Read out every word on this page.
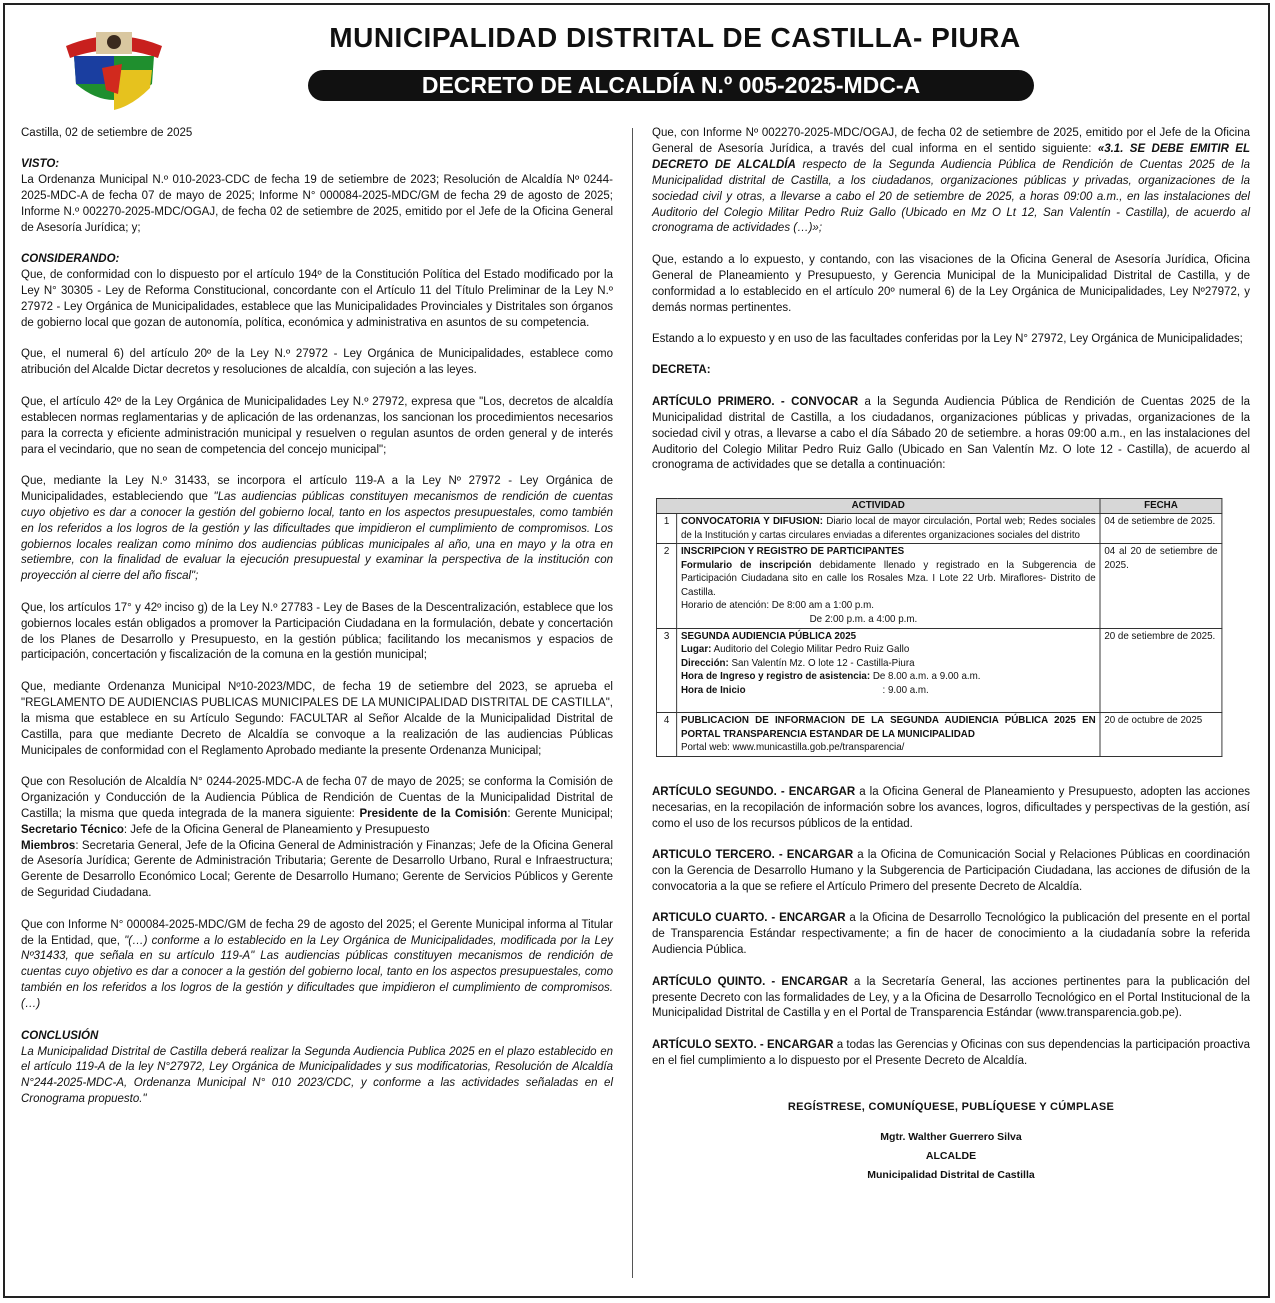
MUNICIPALIDAD DISTRITAL DE CASTILLA- PIURA
DECRETO DE ALCALDÍA N.º 005-2025-MDC-A

Castilla, 02 de setiembre de 2025

VISTO:
La Ordenanza Municipal N.º 010-2023-CDC de fecha 19 de setiembre de 2023; Resolución de Alcaldía Nº 0244-2025-MDC-A de fecha 07 de mayo de 2025; Informe N° 000084-2025-MDC/GM de fecha 29 de agosto de 2025; Informe N.º 002270-2025-MDC/OGAJ, de fecha 02 de setiembre de 2025, emitido por el Jefe de la Oficina General de Asesoría Jurídica; y;

CONSIDERANDO:
Que, de conformidad con lo dispuesto por el artículo 194º de la Constitución Política del Estado modificado por la Ley N° 30305 - Ley de Reforma Constitucional, concordante con el Artículo 11 del Título Preliminar de la Ley N.º 27972 - Ley Orgánica de Municipalidades, establece que las Municipalidades Provinciales y Distritales son órganos de gobierno local que gozan de autonomía, política, económica y administrativa en asuntos de su competencia.

Que, el numeral 6) del artículo 20º de la Ley N.º 27972 - Ley Orgánica de Municipalidades, establece como atribución del Alcalde Dictar decretos y resoluciones de alcaldía, con sujeción a las leyes.

Que, el artículo 42º de la Ley Orgánica de Municipalidades Ley N.º 27972, expresa que "Los, decretos de alcaldía establecen normas reglamentarias y de aplicación de las ordenanzas, los sancionan los procedimientos necesarios para la correcta y eficiente administración municipal y resuelven o regulan asuntos de orden general y de interés para el vecindario, que no sean de competencia del concejo municipal";

Que, mediante la Ley N.º 31433, se incorpora el artículo 119-A a la Ley Nº 27972 - Ley Orgánica de Municipalidades, estableciendo que "Las audiencias públicas constituyen mecanismos de rendición de cuentas cuyo objetivo es dar a conocer la gestión del gobierno local, tanto en los aspectos presupuestales, como también en los referidos a los logros de la gestión y las dificultades que impidieron el cumplimiento de compromisos. Los gobiernos locales realizan como mínimo dos audiencias públicas municipales al año, una en mayo y la otra en setiembre, con la finalidad de evaluar la ejecución presupuestal y examinar la perspectiva de la institución con proyección al cierre del año fiscal";

Que, los artículos 17° y 42º inciso g) de la Ley N.º 27783 - Ley de Bases de la Descentralización, establece que los gobiernos locales están obligados a promover la Participación Ciudadana en la formulación, debate y concertación de los Planes de Desarrollo y Presupuesto, en la gestión pública; facilitando los mecanismos y espacios de participación, concertación y fiscalización de la comuna en la gestión municipal;

Que, mediante Ordenanza Municipal Nº10-2023/MDC, de fecha 19 de setiembre del 2023, se aprueba el "REGLAMENTO DE AUDIENCIAS PUBLICAS MUNICIPALES DE LA MUNICIPALIDAD DISTRITAL DE CASTILLA", la misma que establece en su Artículo Segundo: FACULTAR al Señor Alcalde de la Municipalidad Distrital de Castilla, para que mediante Decreto de Alcaldía se convoque a la realización de las audiencias Públicas Municipales de conformidad con el Reglamento Aprobado mediante la presente Ordenanza Municipal;

Que con Resolución de Alcaldía N° 0244-2025-MDC-A de fecha 07 de mayo de 2025; se conforma la Comisión de Organización y Conducción de la Audiencia Pública de Rendición de Cuentas de la Municipalidad Distrital de Castilla; la misma que queda integrada de la manera siguiente: Presidente de la Comisión: Gerente Municipal; Secretario Técnico: Jefe de la Oficina General de Planeamiento y Presupuesto
Miembros: Secretaria General, Jefe de la Oficina General de Administración y Finanzas; Jefe de la Oficina General de Asesoría Jurídica; Gerente de Administración Tributaria; Gerente de Desarrollo Urbano, Rural e Infraestructura; Gerente de Desarrollo Económico Local; Gerente de Desarrollo Humano; Gerente de Servicios Públicos y Gerente de Seguridad Ciudadana.

Que con Informe N° 000084-2025-MDC/GM de fecha 29 de agosto del 2025; el Gerente Municipal informa al Titular de la Entidad, que, "(…) conforme a lo establecido en la Ley Orgánica de Municipalidades, modificada por la Ley Nº31433, que señala en su artículo 119-A" Las audiencias públicas constituyen mecanismos de rendición de cuentas cuyo objetivo es dar a conocer a la gestión del gobierno local, tanto en los aspectos presupuestales, como también en los referidos a los logros de la gestión y dificultades que impidieron el cumplimiento de compromisos. (…)

CONCLUSIÓN
La Municipalidad Distrital de Castilla deberá realizar la Segunda Audiencia Publica 2025 en el plazo establecido en el artículo 119-A de la ley N°27972, Ley Orgánica de Municipalidades y sus modificatorias, Resolución de Alcaldía N°244-2025-MDC-A, Ordenanza Municipal N° 010 2023/CDC, y conforme a las actividades señaladas en el Cronograma propuesto."

Que, con Informe Nº 002270-2025-MDC/OGAJ, de fecha 02 de setiembre de 2025, emitido por el Jefe de la Oficina General de Asesoría Jurídica, a través del cual informa en el sentido siguiente: «3.1. SE DEBE EMITIR EL DECRETO DE ALCALDÍA respecto de la Segunda Audiencia Pública de Rendición de Cuentas 2025 de la Municipalidad distrital de Castilla, a los ciudadanos, organizaciones públicas y privadas, organizaciones de la sociedad civil y otras, a llevarse a cabo el 20 de setiembre de 2025, a horas 09:00 a.m., en las instalaciones del Auditorio del Colegio Militar Pedro Ruiz Gallo (Ubicado en Mz O Lt 12, San Valentín - Castilla), de acuerdo al cronograma de actividades (…)»;

Que, estando a lo expuesto, y contando, con las visaciones de la Oficina General de Asesoría Jurídica, Oficina General de Planeamiento y Presupuesto, y Gerencia Municipal de la Municipalidad Distrital de Castilla, y de conformidad a lo establecido en el artículo 20º numeral 6) de la Ley Orgánica de Municipalidades, Ley Nº27972, y demás normas pertinentes.

Estando a lo expuesto y en uso de las facultades conferidas por la Ley N° 27972, Ley Orgánica de Municipalidades;

DECRETA:

ARTÍCULO PRIMERO. - CONVOCAR a la Segunda Audiencia Pública de Rendición de Cuentas 2025 de la Municipalidad distrital de Castilla, a los ciudadanos, organizaciones públicas y privadas, organizaciones de la sociedad civil y otras, a llevarse a cabo el día Sábado 20 de setiembre. a horas 09:00 a.m., en las instalaciones del Auditorio del Colegio Militar Pedro Ruiz Gallo (Ubicado en San Valentín Mz. O lote 12 - Castilla), de acuerdo al cronograma de actividades que se detalla a continuación:

ACTIVIDAD		FECHA
1	CONVOCATORIA Y DIFUSION: Diario local de mayor circulación, Portal web; Redes sociales de la Institución y cartas circulares enviadas a diferentes organizaciones sociales del distrito	04 de setiembre de 2025.
2	INSCRIPCION Y REGISTRO DE PARTICIPANTES
Formulario de inscripción debidamente llenado y registrado en la Subgerencia de Participación Ciudadana sito en calle los Rosales Mza. I Lote 22 Urb. Miraflores- Distrito de Castilla.
Horario de atención: De 8:00 am a 1:00 p.m.
De 2:00 p.m. a 4:00 p.m.	04 al 20 de setiembre de 2025.
3	SEGUNDA AUDIENCIA PÚBLICA 2025
Lugar: Auditorio del Colegio Militar Pedro Ruiz Gallo
Dirección: San Valentín Mz. O lote 12 - Castilla-Piura
Hora de Ingreso y registro de asistencia: De 8.00 a.m. a 9.00 a.m.
Hora de Inicio : 9.00 a.m.	20 de setiembre de 2025.
4	PUBLICACION DE INFORMACION DE LA SEGUNDA AUDIENCIA PÚBLICA 2025 EN PORTAL TRANSPARENCIA ESTANDAR DE LA MUNICIPALIDAD
Portal web: www.municastilla.gob.pe/transparencia/	20 de octubre de 2025

ARTÍCULO SEGUNDO. - ENCARGAR a la Oficina General de Planeamiento y Presupuesto, adopten las acciones necesarias, en la recopilación de información sobre los avances, logros, dificultades y perspectivas de la gestión, así como el uso de los recursos públicos de la entidad.

ARTICULO TERCERO. - ENCARGAR a la Oficina de Comunicación Social y Relaciones Públicas en coordinación con la Gerencia de Desarrollo Humano y la Subgerencia de Participación Ciudadana, las acciones de difusión de la convocatoria a la que se refiere el Artículo Primero del presente Decreto de Alcaldía.

ARTICULO CUARTO. - ENCARGAR a la Oficina de Desarrollo Tecnológico la publicación del presente en el portal de Transparencia Estándar respectivamente; a fin de hacer de conocimiento a la ciudadanía sobre la referida Audiencia Pública.

ARTÍCULO QUINTO. - ENCARGAR a la Secretaría General, las acciones pertinentes para la publicación del presente Decreto con las formalidades de Ley, y a la Oficina de Desarrollo Tecnológico en el Portal Institucional de la Municipalidad Distrital de Castilla y en el Portal de Transparencia Estándar (www.transparencia.gob.pe).

ARTÍCULO SEXTO. - ENCARGAR a todas las Gerencias y Oficinas con sus dependencias la participación proactiva en el fiel cumplimiento a lo dispuesto por el Presente Decreto de Alcaldía.

REGÍSTRESE, COMUNÍQUESE, PUBLÍQUESE Y CÚMPLASE
Mgtr. Walther Guerrero Silva
ALCALDE
Municipalidad Distrital de Castilla
